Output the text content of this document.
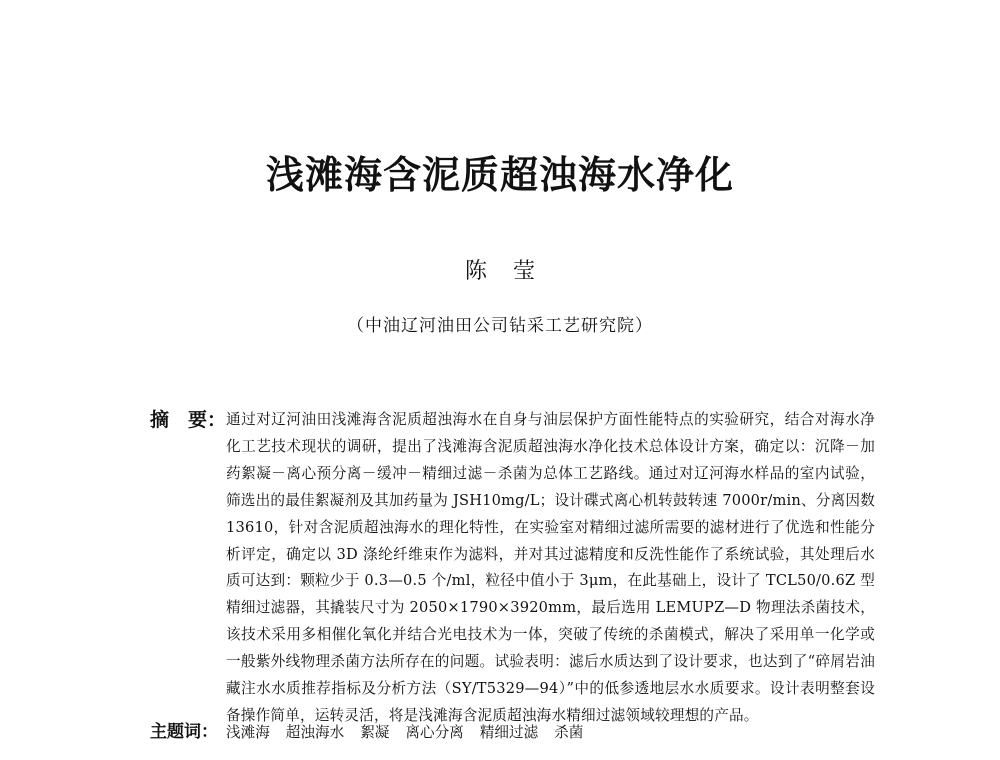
浅滩海含泥质超浊海水净化
陈莹
（中油辽河油田公司钻采工艺研究院）
摘　要： 通过对辽河油田浅滩海含泥质超浊海水在自身与油层保护方面性能特点的实验研究，结合对海水净化工艺技术现状的调研，提出了浅滩海含泥质超浊海水净化技术总体设计方案，确定以：沉降－加药絮凝－离心预分离－缓冲－精细过滤－杀菌为总体工艺路线。通过对辽河海水样品的室内试验，筛选出的最佳絮凝剂及其加药量为 JSH10mg/L；设计碟式离心机转鼓转速 7000r/min、分离因数 13610，针对含泥质超浊海水的理化特性，在实验室对精细过滤所需要的滤材进行了优选和性能分析评定，确定以 3D 涤纶纤维束作为滤料，并对其过滤精度和反洗性能作了系统试验，其处理后水质可达到：颗粒少于 0.3—0.5 个/ml，粒径中值小于 3μm，在此基础上，设计了 TCL50/0.6Z 型精细过滤器，其撬装尺寸为 2050×1790×3920mm，最后选用 LEMUPZ—D 物理法杀菌技术，该技术采用多相催化氧化并结合光电技术为一体，突破了传统的杀菌模式，解决了采用单一化学或一般紫外线物理杀菌方法所存在的问题。试验表明：滤后水质达到了设计要求，也达到了“碎屑岩油藏注水水质推荐指标及分析方法（SY/T5329—94）”中的低参透地层水水质要求。设计表明整套设备操作简单，运转灵活，将是浅滩海含泥质超浊海水精细过滤领域较理想的产品。
主题词： 浅滩海 超浊海水 絮凝 离心分离 精细过滤 杀菌
